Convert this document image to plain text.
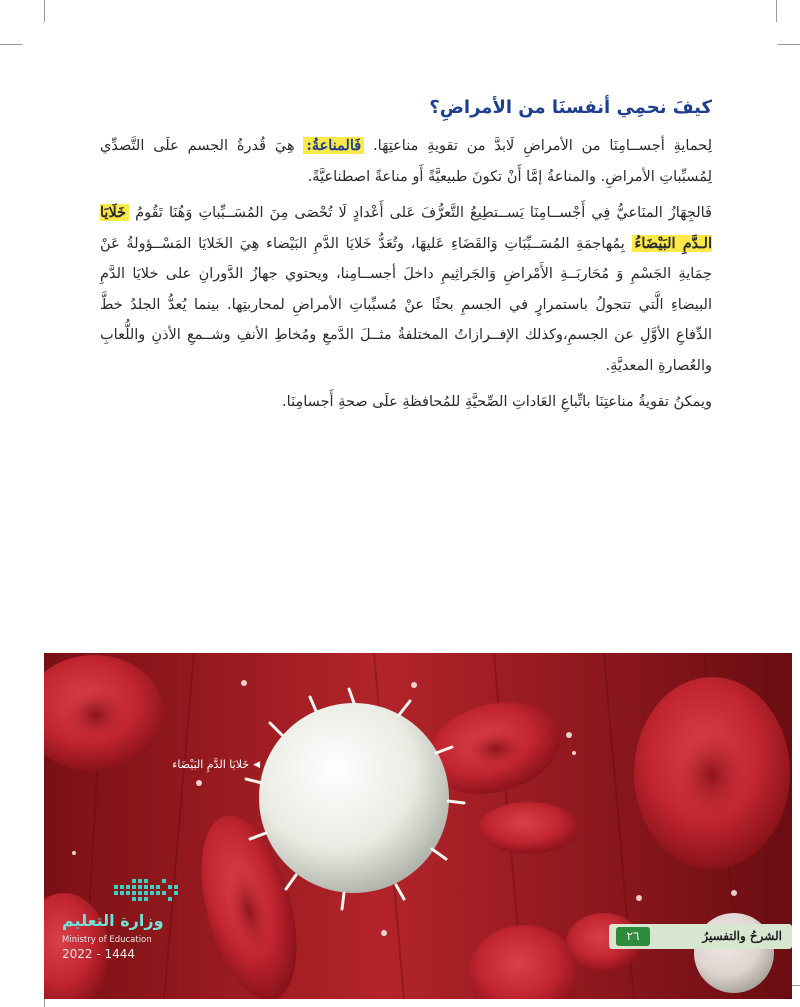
كيفَ نحمِي أنفسنَا من الأمراضِ؟

لِحمايةِ أجســامِنَا من الأمراضِ لَابدَّ من تقويةِ مناعتِهَا. فَالمناعةُ: هِيَ قُدرةُ الجسم علَى التَّصدِّي لِمُسبِّباتِ الأمراضِ. والمناعةُ إمَّا أَنْ تكونَ طبيعيَّةً أَو مناعةً اصطناعيَّةً.

فَالجِهَازُ المنَاعيُّ فِي أَجْســامِنَا يَســتطِيعُ التَّعرُّفَ عَلى أَعْدادٍ لَا تُحْصَى مِنَ المُسَــبِّباتِ وَهُنَا تَقُومُ خَلَايَا الـدَّمِ البَيْضَاءُ بِمُهاجمَةِ المُسَــبِّبَاتِ وَالقَضَاءِ عَليهَا، وتُعَدُّ خَلايَا الدَّمِ البَيْضاء هِيَ الخَلايَا المَسْــؤولةُ عَنْ حِمَايةِ الجَسْمِ وَ مُحَاربَــةِ الأَمْراضِ وَالجَراثِيمِ داخلَ أجســامِنا، ويحتوي جهازُ الدَّورانِ على خلايَا الدَّمِ البيضاءِ الَّتي تتجولُ باستمرارٍ في الجسمِ بحثًا عنْ مُسبِّباتِ الأمراضِ لمحاربتِها. بينما يُعدُّ الجلدُ خطَّ الدِّفاعِ الأوَّلِ عن الجسمِ،وكذلك الإفــرازاتُ المختلفةُ مثــلَ الدَّمعِ ومُخاطِ الأنفِ وشــمعِ الأذنِ واللُّعابِ والعُصارةِ المعديَّةِ.

ويمكنُ تقويةُ مناعتِنَا باتِّباعِ العَاداتِ الصِّحيَّةِ للمُحافظةِ علَى صحةِ أَجسامِنَا.

◀
خَلايَا الدَّمِ البَيْضَاء
وزارة التعليم
Ministry of Education
2022 - 1444
الشرحُ والتفسيرُ
٢٦
